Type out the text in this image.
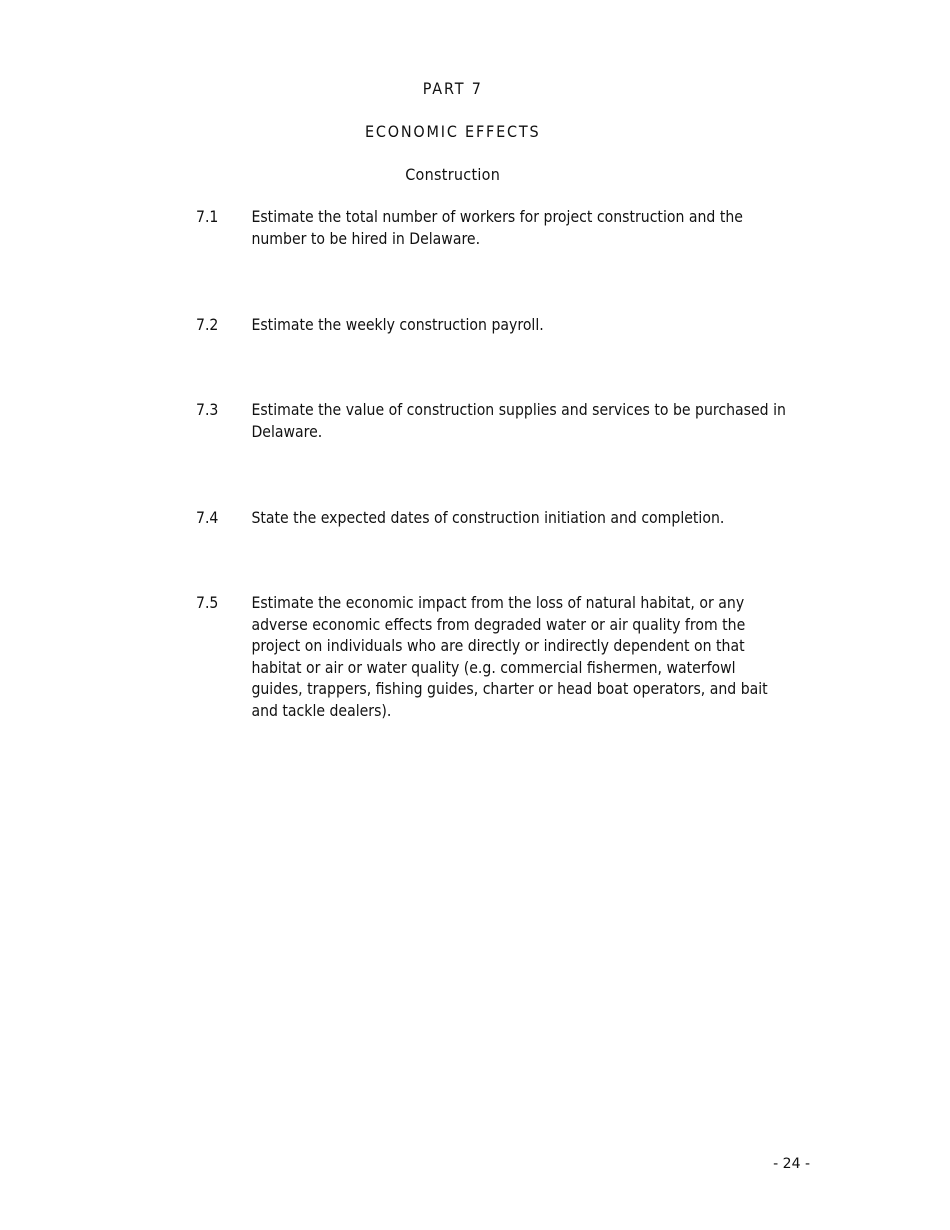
PART 7
ECONOMIC EFFECTS
Construction
7.1 Estimate the total number of workers for project construction and the
number to be hired in Delaware.
7.2 Estimate the weekly construction payroll.
7.3 Estimate the value of construction supplies and services to be purchased in
Delaware.
7.4 State the expected dates of construction initiation and completion.
7.5 Estimate the economic impact from the loss of natural habitat, or any
adverse economic effects from degraded water or air quality from the
project on individuals who are directly or indirectly dependent on that
habitat or air or water quality (e.g. commercial fishermen, waterfowl
guides, trappers, fishing guides, charter or head boat operators, and bait
and tackle dealers).
- 24 -
